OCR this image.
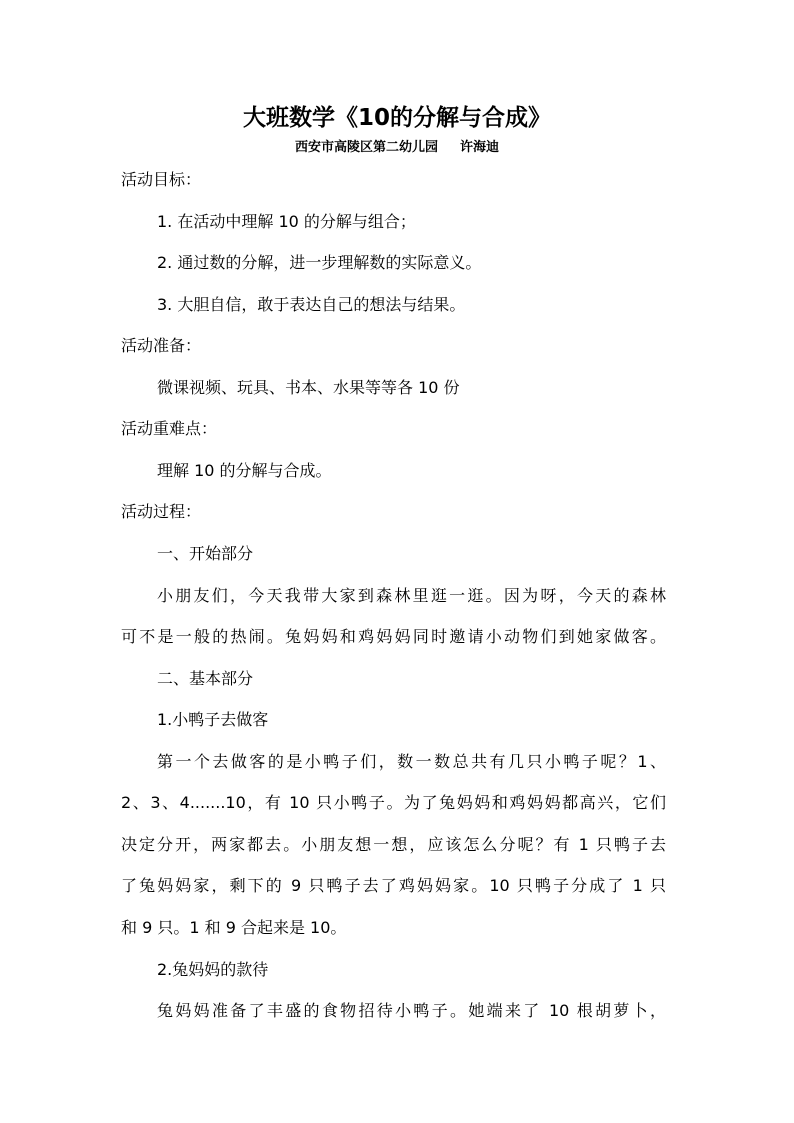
大班数学《10的分解与合成》
西安市高陵区第二幼儿园 许海迪
活动目标：
1. 在活动中理解 10 的分解与组合；
2. 通过数的分解，进一步理解数的实际意义。
3. 大胆自信，敢于表达自己的想法与结果。
活动准备：
微课视频、玩具、书本、水果等等各 10 份
活动重难点：
理解 10 的分解与合成。
活动过程：
一、开始部分
小朋友们，今天我带大家到森林里逛一逛。因为呀，今天的森林
可不是一般的热闹。兔妈妈和鸡妈妈同时邀请小动物们到她家做客。
二、基本部分
1.小鸭子去做客
第一个去做客的是小鸭子们，数一数总共有几只小鸭子呢？1、
2、3、4.......10，有 10 只小鸭子。为了兔妈妈和鸡妈妈都高兴，它们
决定分开，两家都去。小朋友想一想，应该怎么分呢？有 1 只鸭子去
了兔妈妈家，剩下的 9 只鸭子去了鸡妈妈家。10 只鸭子分成了 1 只
和 9 只。1 和 9 合起来是 10。
2.兔妈妈的款待
兔妈妈准备了丰盛的食物招待小鸭子。她端来了 10 根胡萝卜，
